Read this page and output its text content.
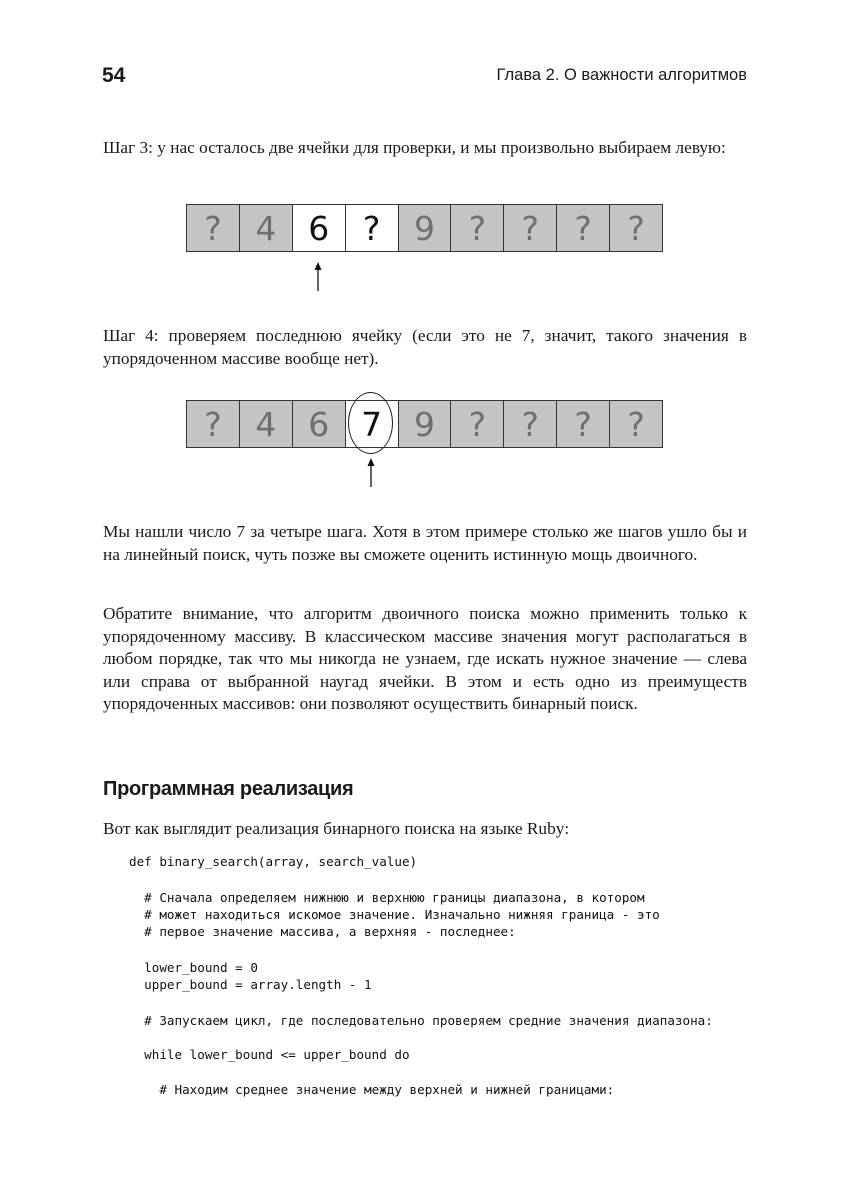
54	Глава 2. О важности алгоритмов

Шаг 3: у нас осталось две ячейки для проверки, и мы произвольно выбираем левую:

? 4 6 ? 9 ? ? ? ?

Шаг 4: проверяем последнюю ячейку (если это не 7, значит, такого значения в упорядоченном массиве вообще нет).

? 4 6 7 9 ? ? ? ?

Мы нашли число 7 за четыре шага. Хотя в этом примере столько же шагов ушло бы и на линейный поиск, чуть позже вы сможете оценить истинную мощь двоичного.

Обратите внимание, что алгоритм двоичного поиска можно применить только к упорядоченному массиву. В классическом массиве значения могут располагаться в любом порядке, так что мы никогда не узнаем, где искать нужное значение — слева или справа от выбранной наугад ячейки. В этом и есть одно из преимуществ упорядоченных массивов: они позволяют осуществить бинарный поиск.

Программная реализация

Вот как выглядит реализация бинарного поиска на языке Ruby:

def binary_search(array, search_value)
# Сначала определяем нижнюю и верхнюю границы диапазона, в котором
# может находиться искомое значение. Изначально нижняя граница - это
# первое значение массива, а верхняя - последнее:
lower_bound = 0
upper_bound = array.length - 1
# Запускаем цикл, где последовательно проверяем средние значения диапазона:
while lower_bound <= upper_bound do
# Находим среднее значение между верхней и нижней границами:
